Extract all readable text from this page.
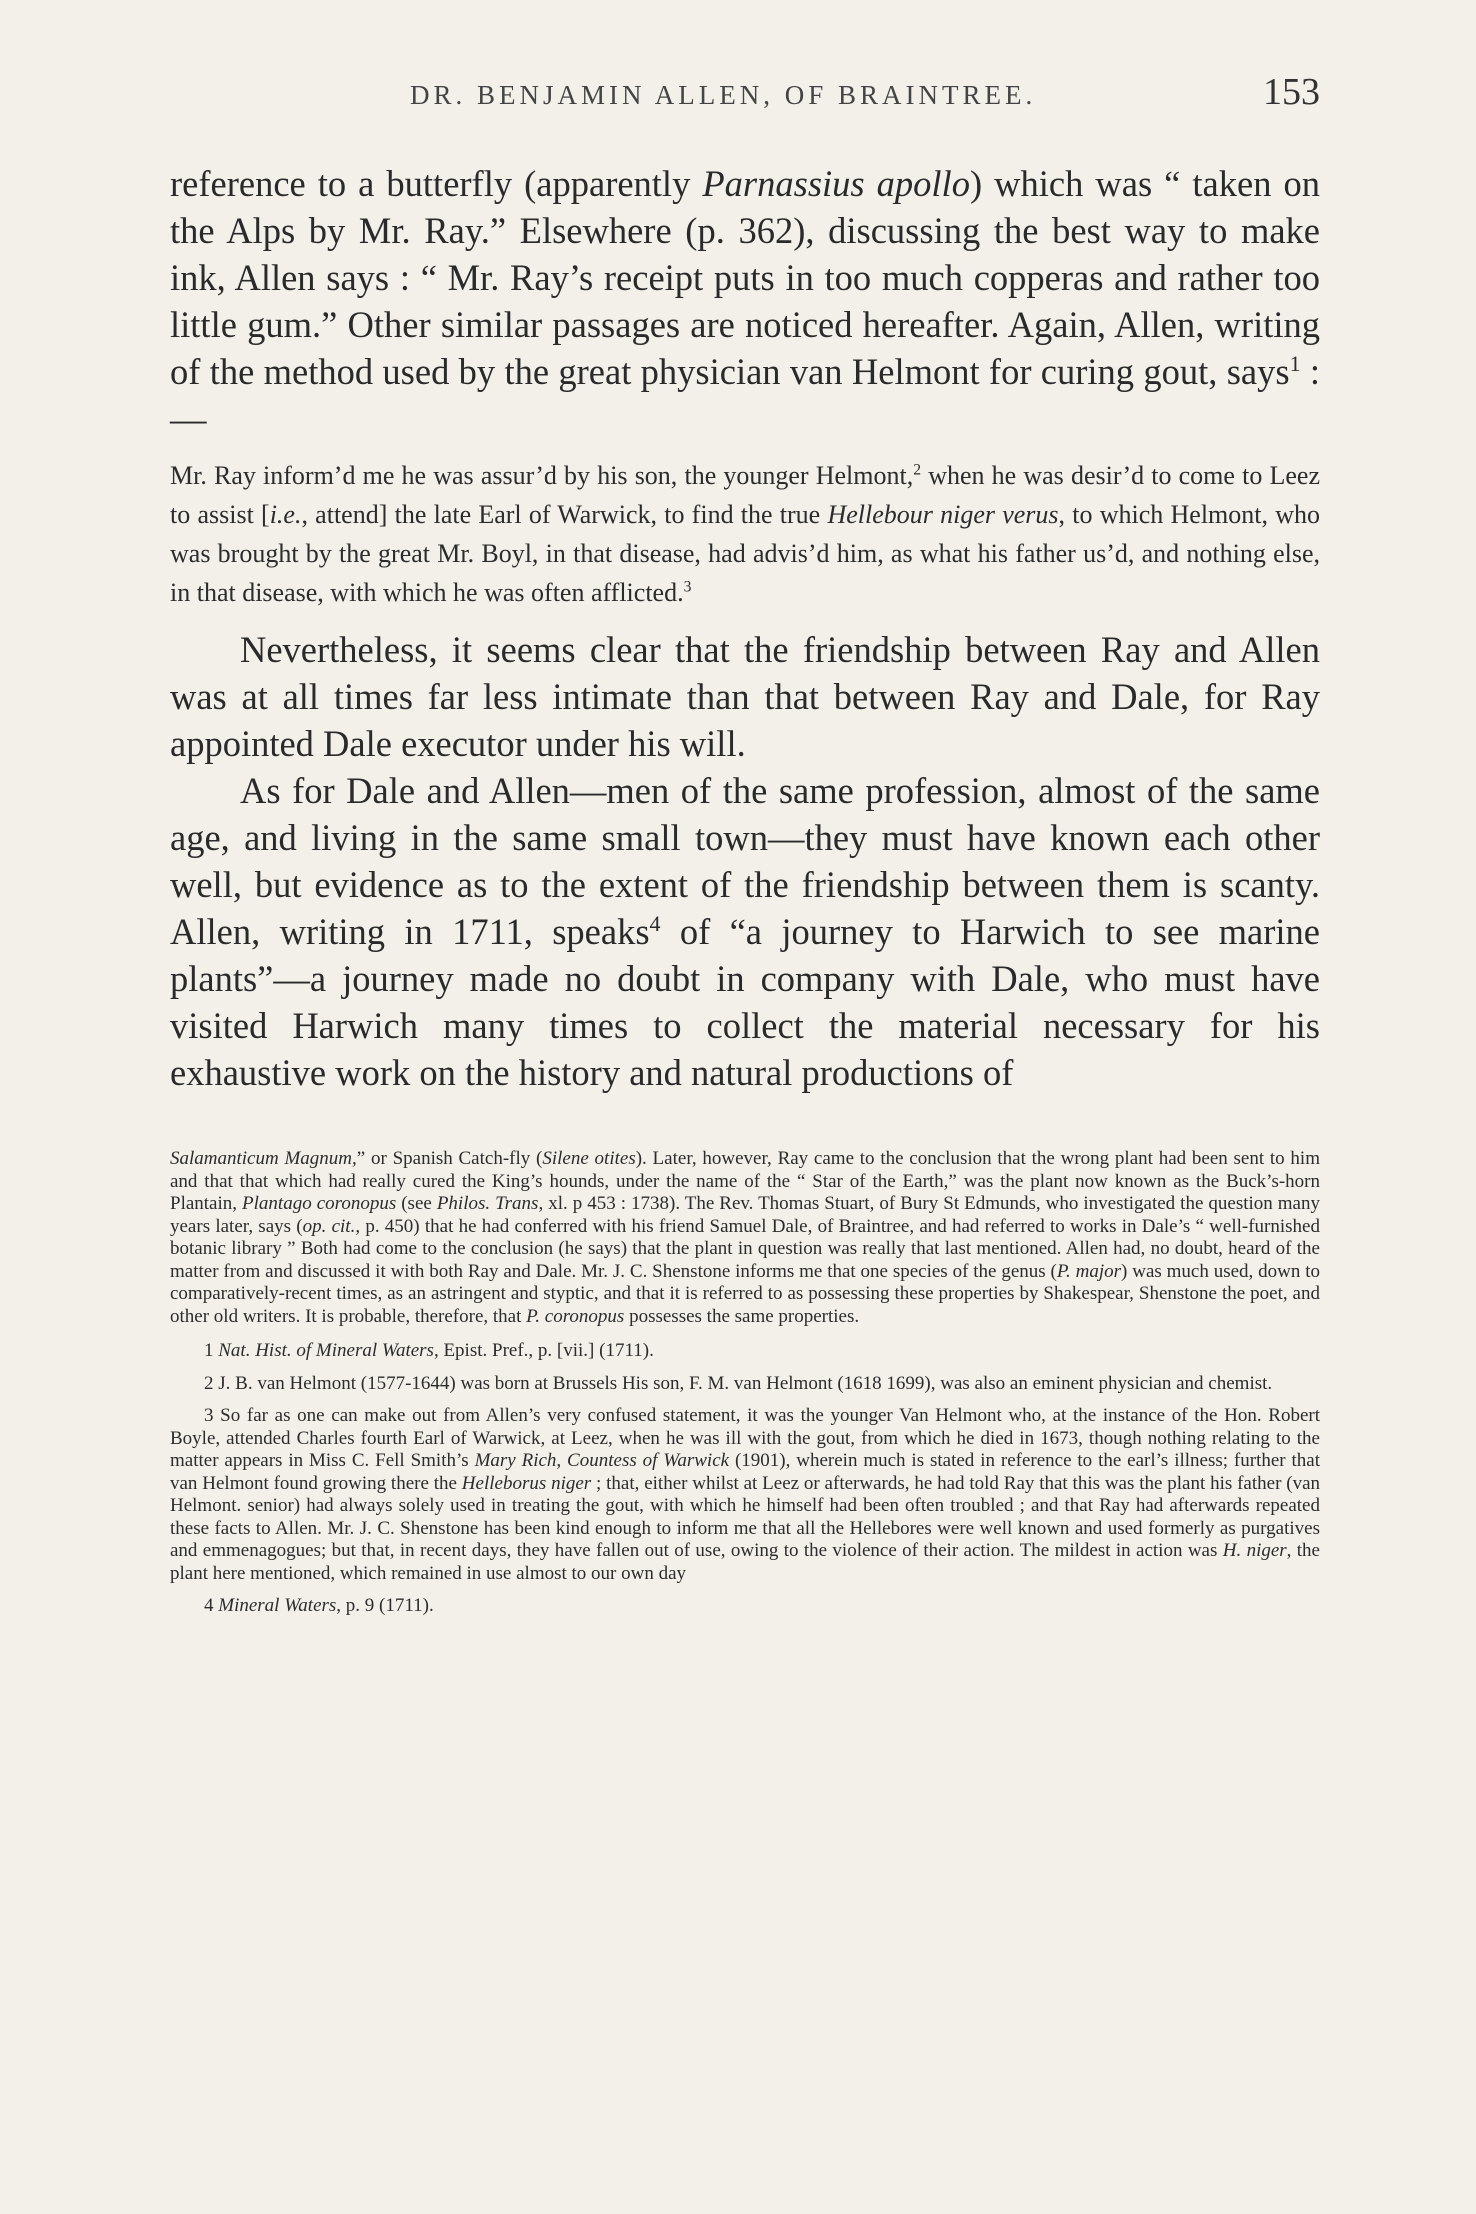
DR. BENJAMIN ALLEN, OF BRAINTREE.	153

reference to a butterfly (apparently Parnassius apollo) which was “ taken on the Alps by Mr. Ray.” Elsewhere (p. 362), discussing the best way to make ink, Allen says : “ Mr. Ray’s receipt puts in too much copperas and rather too little gum.” Other similar passages are noticed hereafter. Again, Allen, writing of the method used by the great physician van Helmont for curing gout, says$^1$ :—

Mr. Ray inform’d me he was assur’d by his son, the younger Helmont,$^2$ when he was desir’d to come to Leez to assist [i.e., attend] the late Earl of Warwick, to find the true Hellebour niger verus, to which Helmont, who was brought by the great Mr. Boyl, in that disease, had advis’d him, as what his father us’d, and nothing else, in that disease, with which he was often afflicted.$^3$

Nevertheless, it seems clear that the friendship between Ray and Allen was at all times far less intimate than that between Ray and Dale, for Ray appointed Dale executor under his will.

As for Dale and Allen—men of the same profession, almost of the same age, and living in the same small town—they must have known each other well, but evidence as to the extent of the friendship between them is scanty. Allen, writing in 1711, speaks$^4$ of “a journey to Harwich to see marine plants”—a journey made no doubt in company with Dale, who must have visited Harwich many times to collect the material necessary for his exhaustive work on the history and natural productions of

Salamanticum Magnum,” or Spanish Catch-fly (Silene otites). Later, however, Ray came to the conclusion that the wrong plant had been sent to him and that that which had really cured the King’s hounds, under the name of the “ Star of the Earth,” was the plant now known as the Buck’s-horn Plantain, Plantago coronopus (see Philos. Trans, xl. p 453 : 1738). The Rev. Thomas Stuart, of Bury St Edmunds, who investigated the question many years later, says (op. cit., p. 450) that he had conferred with his friend Samuel Dale, of Braintree, and had referred to works in Dale’s “ well-furnished botanic library ” Both had come to the conclusion (he says) that the plant in question was really that last mentioned. Allen had, no doubt, heard of the matter from and discussed it with both Ray and Dale. Mr. J. C. Shenstone informs me that one species of the genus (P. major) was much used, down to comparatively-recent times, as an astringent and styptic, and that it is referred to as possessing these properties by Shakespear, Shenstone the poet, and other old writers. It is probable, therefore, that P. coronopus possesses the same properties.

1 Nat. Hist. of Mineral Waters, Epist. Pref., p. [vii.] (1711).

2 J. B. van Helmont (1577-1644) was born at Brussels His son, F. M. van Helmont (1618 1699), was also an eminent physician and chemist.

3 So far as one can make out from Allen’s very confused statement, it was the younger Van Helmont who, at the instance of the Hon. Robert Boyle, attended Charles fourth Earl of Warwick, at Leez, when he was ill with the gout, from which he died in 1673, though nothing relating to the matter appears in Miss C. Fell Smith’s Mary Rich, Countess of Warwick (1901), wherein much is stated in reference to the earl’s illness; further that van Helmont found growing there the Helleborus niger ; that, either whilst at Leez or afterwards, he had told Ray that this was the plant his father (van Helmont. senior) had always solely used in treating the gout, with which he himself had been often troubled ; and that Ray had afterwards repeated these facts to Allen. Mr. J. C. Shenstone has been kind enough to inform me that all the Hellebores were well known and used formerly as purgatives and emmenagogues; but that, in recent days, they have fallen out of use, owing to the violence of their action. The mildest in action was H. niger, the plant here mentioned, which remained in use almost to our own day

4 Mineral Waters, p. 9 (1711).
